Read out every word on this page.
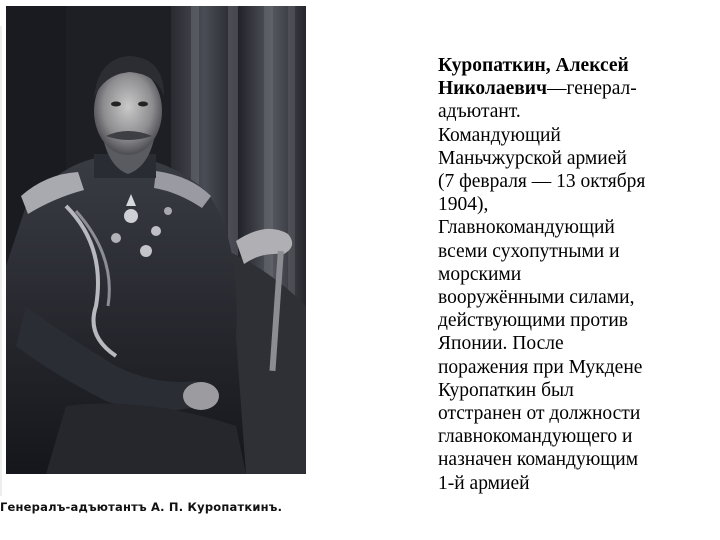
Генералъ-адъютантъ А. П. Куропаткинъ.
Куропаткин, Алексей
Николаевич—генерал-
адъютант.
Командующий
Маньчжурской армией
(7 февраля — 13 октября
1904),
Главнокомандующий
всеми сухопутными и
морскими
вооружёнными силами,
действующими против
Японии. После
поражения при Мукдене
Куропаткин был
отстранен от должности
главнокомандующего и
назначен командующим
1-й армией
